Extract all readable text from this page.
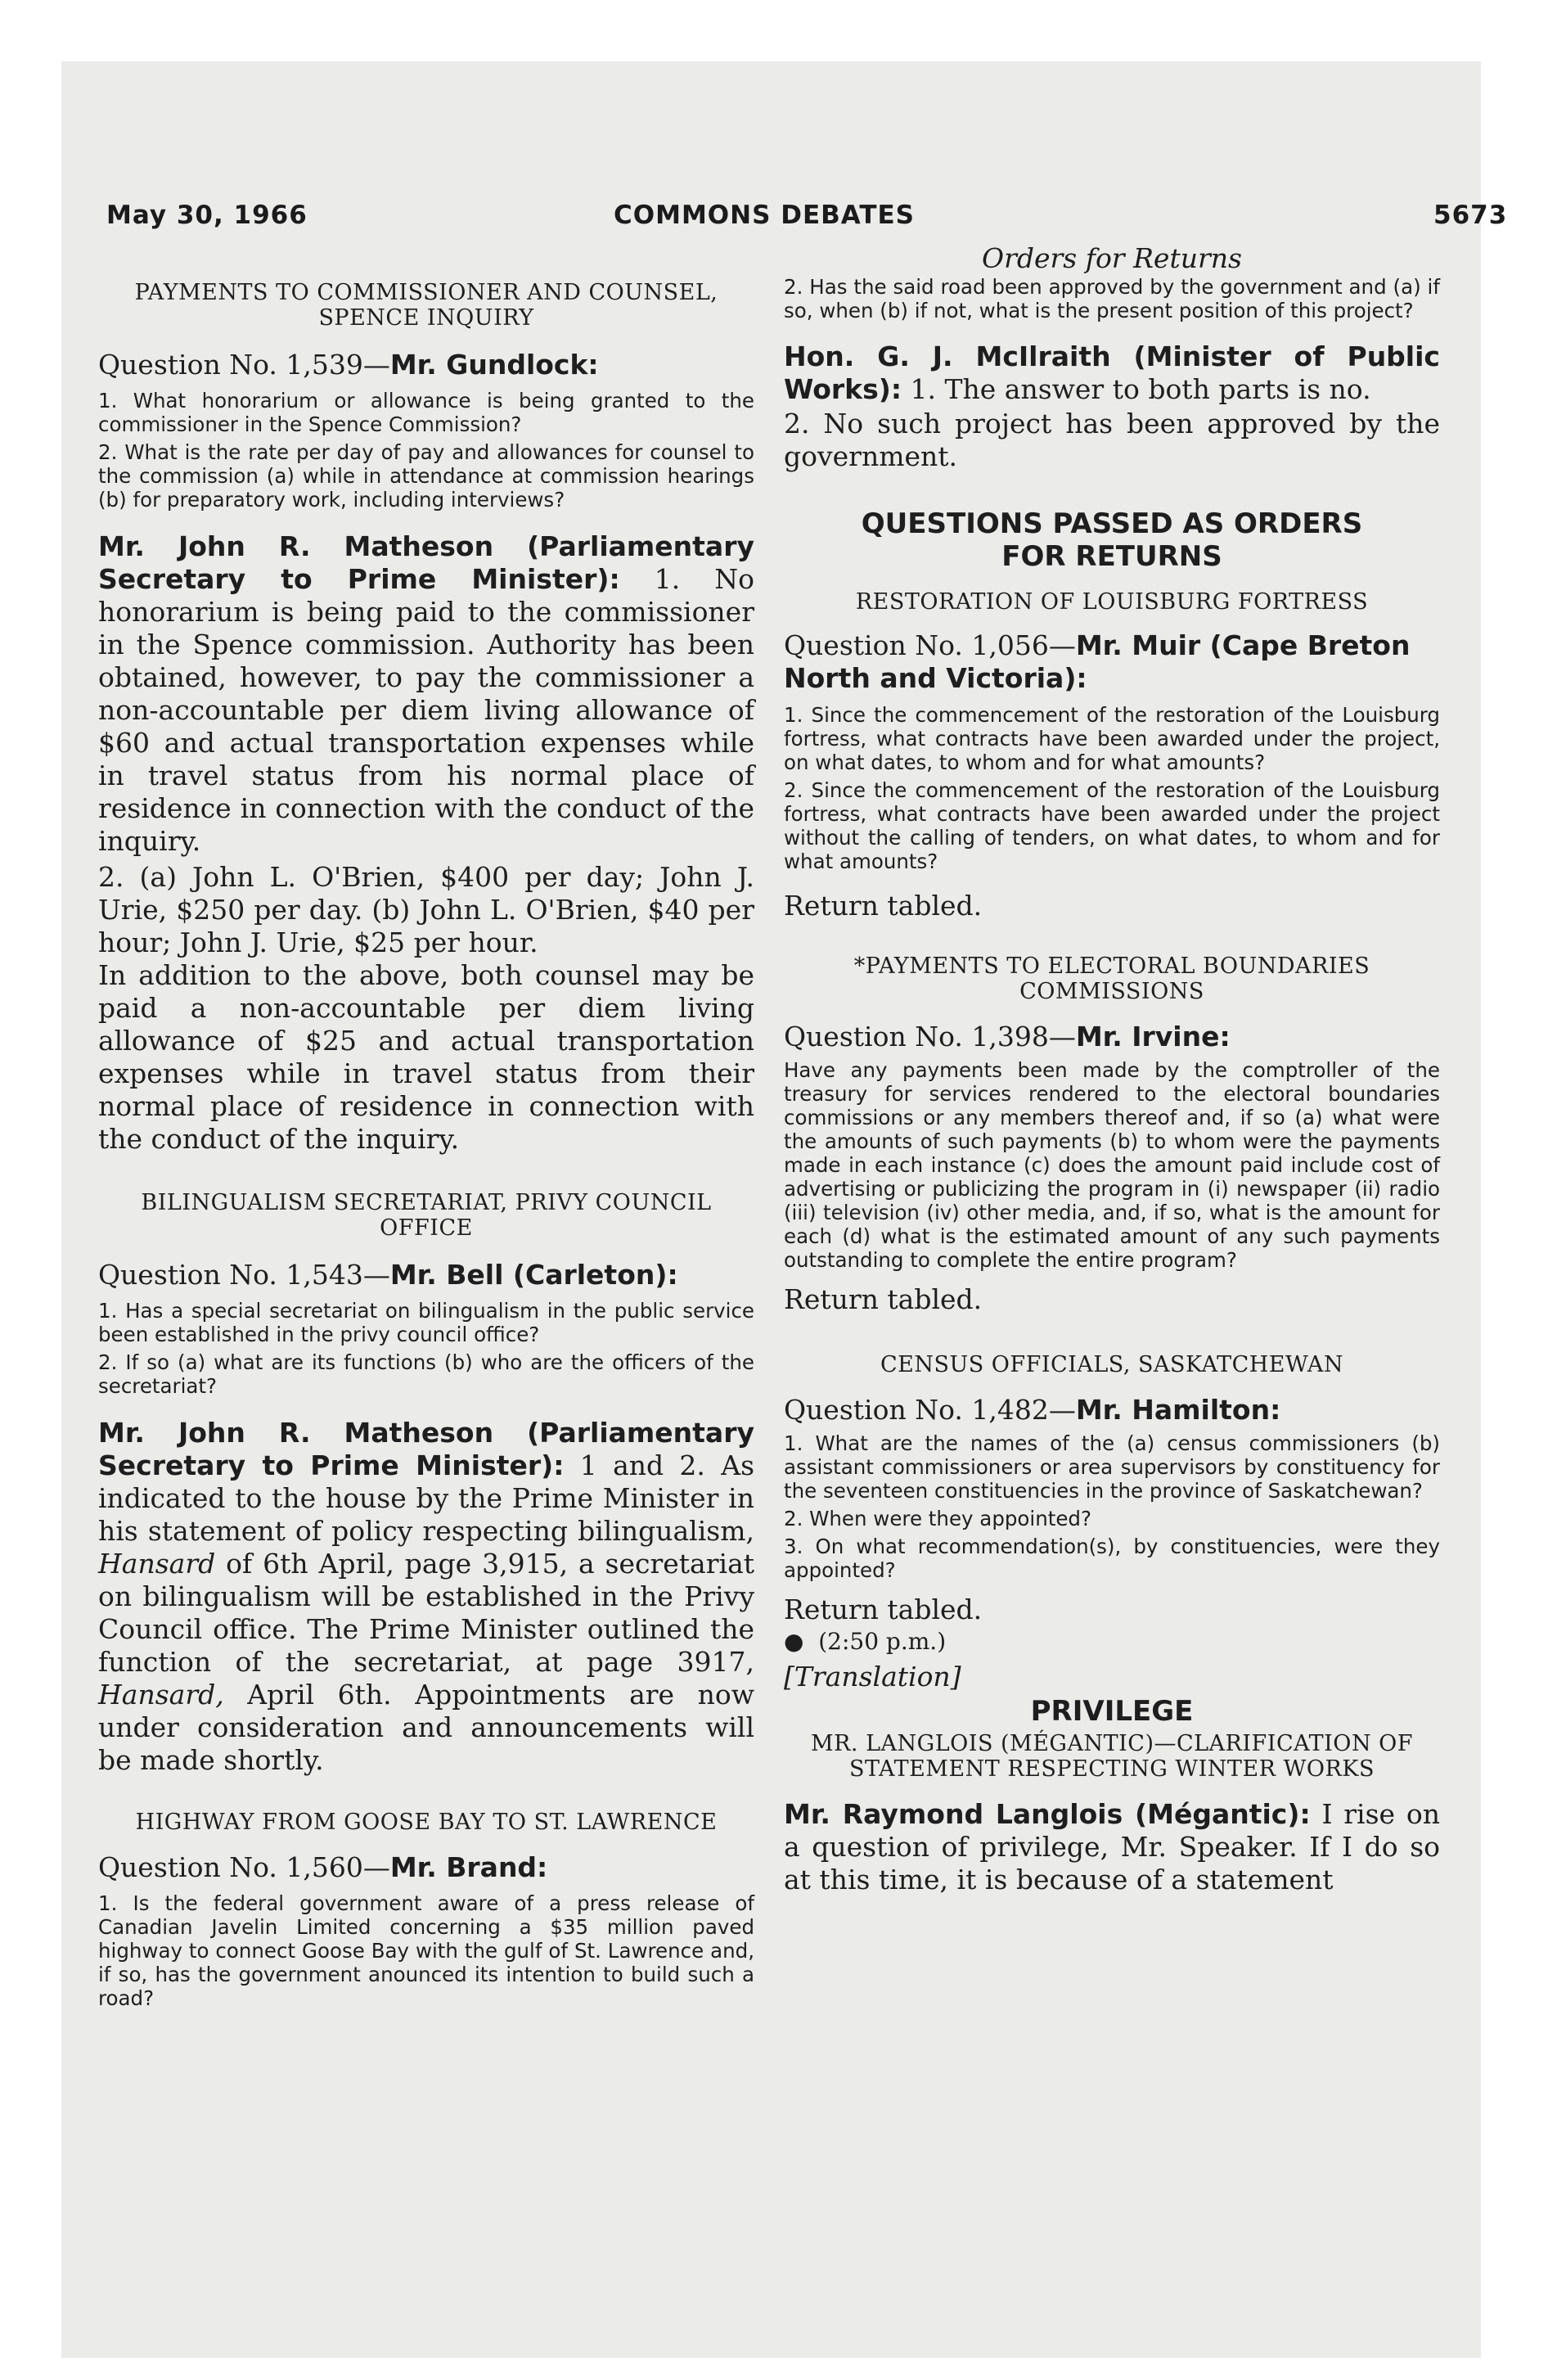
May 30, 1966	COMMONS DEBATES	5673

PAYMENTS TO COMMISSIONER AND COUNSEL, SPENCE INQUIRY

Question No. 1,539—Mr. Gundlock:

1. What honorarium or allowance is being granted to the commissioner in the Spence Commission?

2. What is the rate per day of pay and allowances for counsel to the commission (a) while in attendance at commission hearings (b) for preparatory work, including interviews?

Mr. John R. Matheson (Parliamentary Secretary to Prime Minister): 1. No honorarium is being paid to the commissioner in the Spence commission. Authority has been obtained, however, to pay the commissioner a non-accountable per diem living allowance of $60 and actual transportation expenses while in travel status from his normal place of residence in connection with the conduct of the inquiry.

2. (a) John L. O'Brien, $400 per day; John J. Urie, $250 per day. (b) John L. O'Brien, $40 per hour; John J. Urie, $25 per hour.

In addition to the above, both counsel may be paid a non-accountable per diem living allowance of $25 and actual transportation expenses while in travel status from their normal place of residence in connection with the conduct of the inquiry.

BILINGUALISM SECRETARIAT, PRIVY COUNCIL OFFICE

Question No. 1,543—Mr. Bell (Carleton):

1. Has a special secretariat on bilingualism in the public service been established in the privy council office?

2. If so (a) what are its functions (b) who are the officers of the secretariat?

Mr. John R. Matheson (Parliamentary Secretary to Prime Minister): 1 and 2. As indicated to the house by the Prime Minister in his statement of policy respecting bilingualism, Hansard of 6th April, page 3,915, a secretariat on bilingualism will be established in the Privy Council office. The Prime Minister outlined the function of the secretariat, at page 3917, Hansard, April 6th. Appointments are now under consideration and announcements will be made shortly.

HIGHWAY FROM GOOSE BAY TO ST. LAWRENCE

Question No. 1,560—Mr. Brand:

1. Is the federal government aware of a press release of Canadian Javelin Limited concerning a $35 million paved highway to connect Goose Bay with the gulf of St. Lawrence and, if so, has the government anounced its intention to build such a road?

Orders for Returns

2. Has the said road been approved by the government and (a) if so, when (b) if not, what is the present position of this project?

Hon. G. J. McIlraith (Minister of Public Works): 1. The answer to both parts is no.

2. No such project has been approved by the government.

QUESTIONS PASSED AS ORDERS FOR RETURNS

RESTORATION OF LOUISBURG FORTRESS

Question No. 1,056—Mr. Muir (Cape Breton North and Victoria):

1. Since the commencement of the restoration of the Louisburg fortress, what contracts have been awarded under the project, on what dates, to whom and for what amounts?

2. Since the commencement of the restoration of the Louisburg fortress, what contracts have been awarded under the project without the calling of tenders, on what dates, to whom and for what amounts?

Return tabled.

*PAYMENTS TO ELECTORAL BOUNDARIES COMMISSIONS

Question No. 1,398—Mr. Irvine:

Have any payments been made by the comptroller of the treasury for services rendered to the electoral boundaries commissions or any members thereof and, if so (a) what were the amounts of such payments (b) to whom were the payments made in each instance (c) does the amount paid include cost of advertising or publicizing the program in (i) newspaper (ii) radio (iii) television (iv) other media, and, if so, what is the amount for each (d) what is the estimated amount of any such payments outstanding to complete the entire program?

Return tabled.

CENSUS OFFICIALS, SASKATCHEWAN

Question No. 1,482—Mr. Hamilton:

1. What are the names of the (a) census commissioners (b) assistant commissioners or area supervisors by constituency for the seventeen constituencies in the province of Saskatchewan?

2. When were they appointed?

3. On what recommendation(s), by constituencies, were they appointed?

Return tabled.

●  (2:50 p.m.)

[Translation]

PRIVILEGE

MR. LANGLOIS (MÉGANTIC)—CLARIFICATION OF STATEMENT RESPECTING WINTER WORKS

Mr. Raymond Langlois (Mégantic): I rise on a question of privilege, Mr. Speaker. If I do so at this time, it is because of a statement
